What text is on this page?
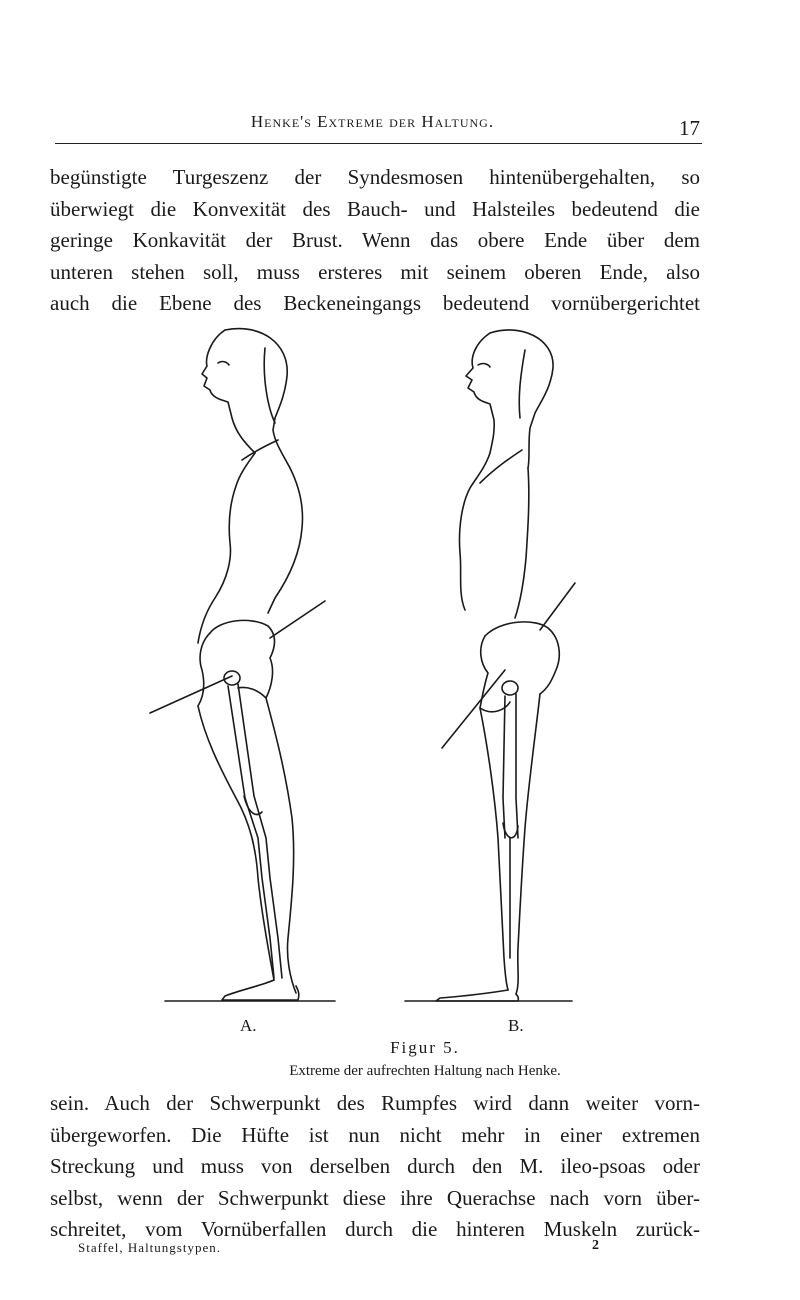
Henke's Extreme der Haltung.	17

begünstigte Turgeszenz der Syndesmosen hintenübergehalten, so

überwiegt die Konvexität des Bauch- und Halsteiles bedeutend die

geringe Konkavität der Brust. Wenn das obere Ende über dem

unteren stehen soll, muss ersteres mit seinem oberen Ende, also

auch die Ebene des Beckeneingangs bedeutend vornübergerichtet

A.	B.
Figur 5.
Extreme der aufrechten Haltung nach Henke.

sein. Auch der Schwerpunkt des Rumpfes wird dann weiter vorn-

übergeworfen. Die Hüfte ist nun nicht mehr in einer extremen

Streckung und muss von derselben durch den M. ileo-psoas oder

selbst, wenn der Schwerpunkt diese ihre Querachse nach vorn über-

schreitet, vom Vornüberfallen durch die hinteren Muskeln zurück-

Staffel, Haltungstypen.	2
